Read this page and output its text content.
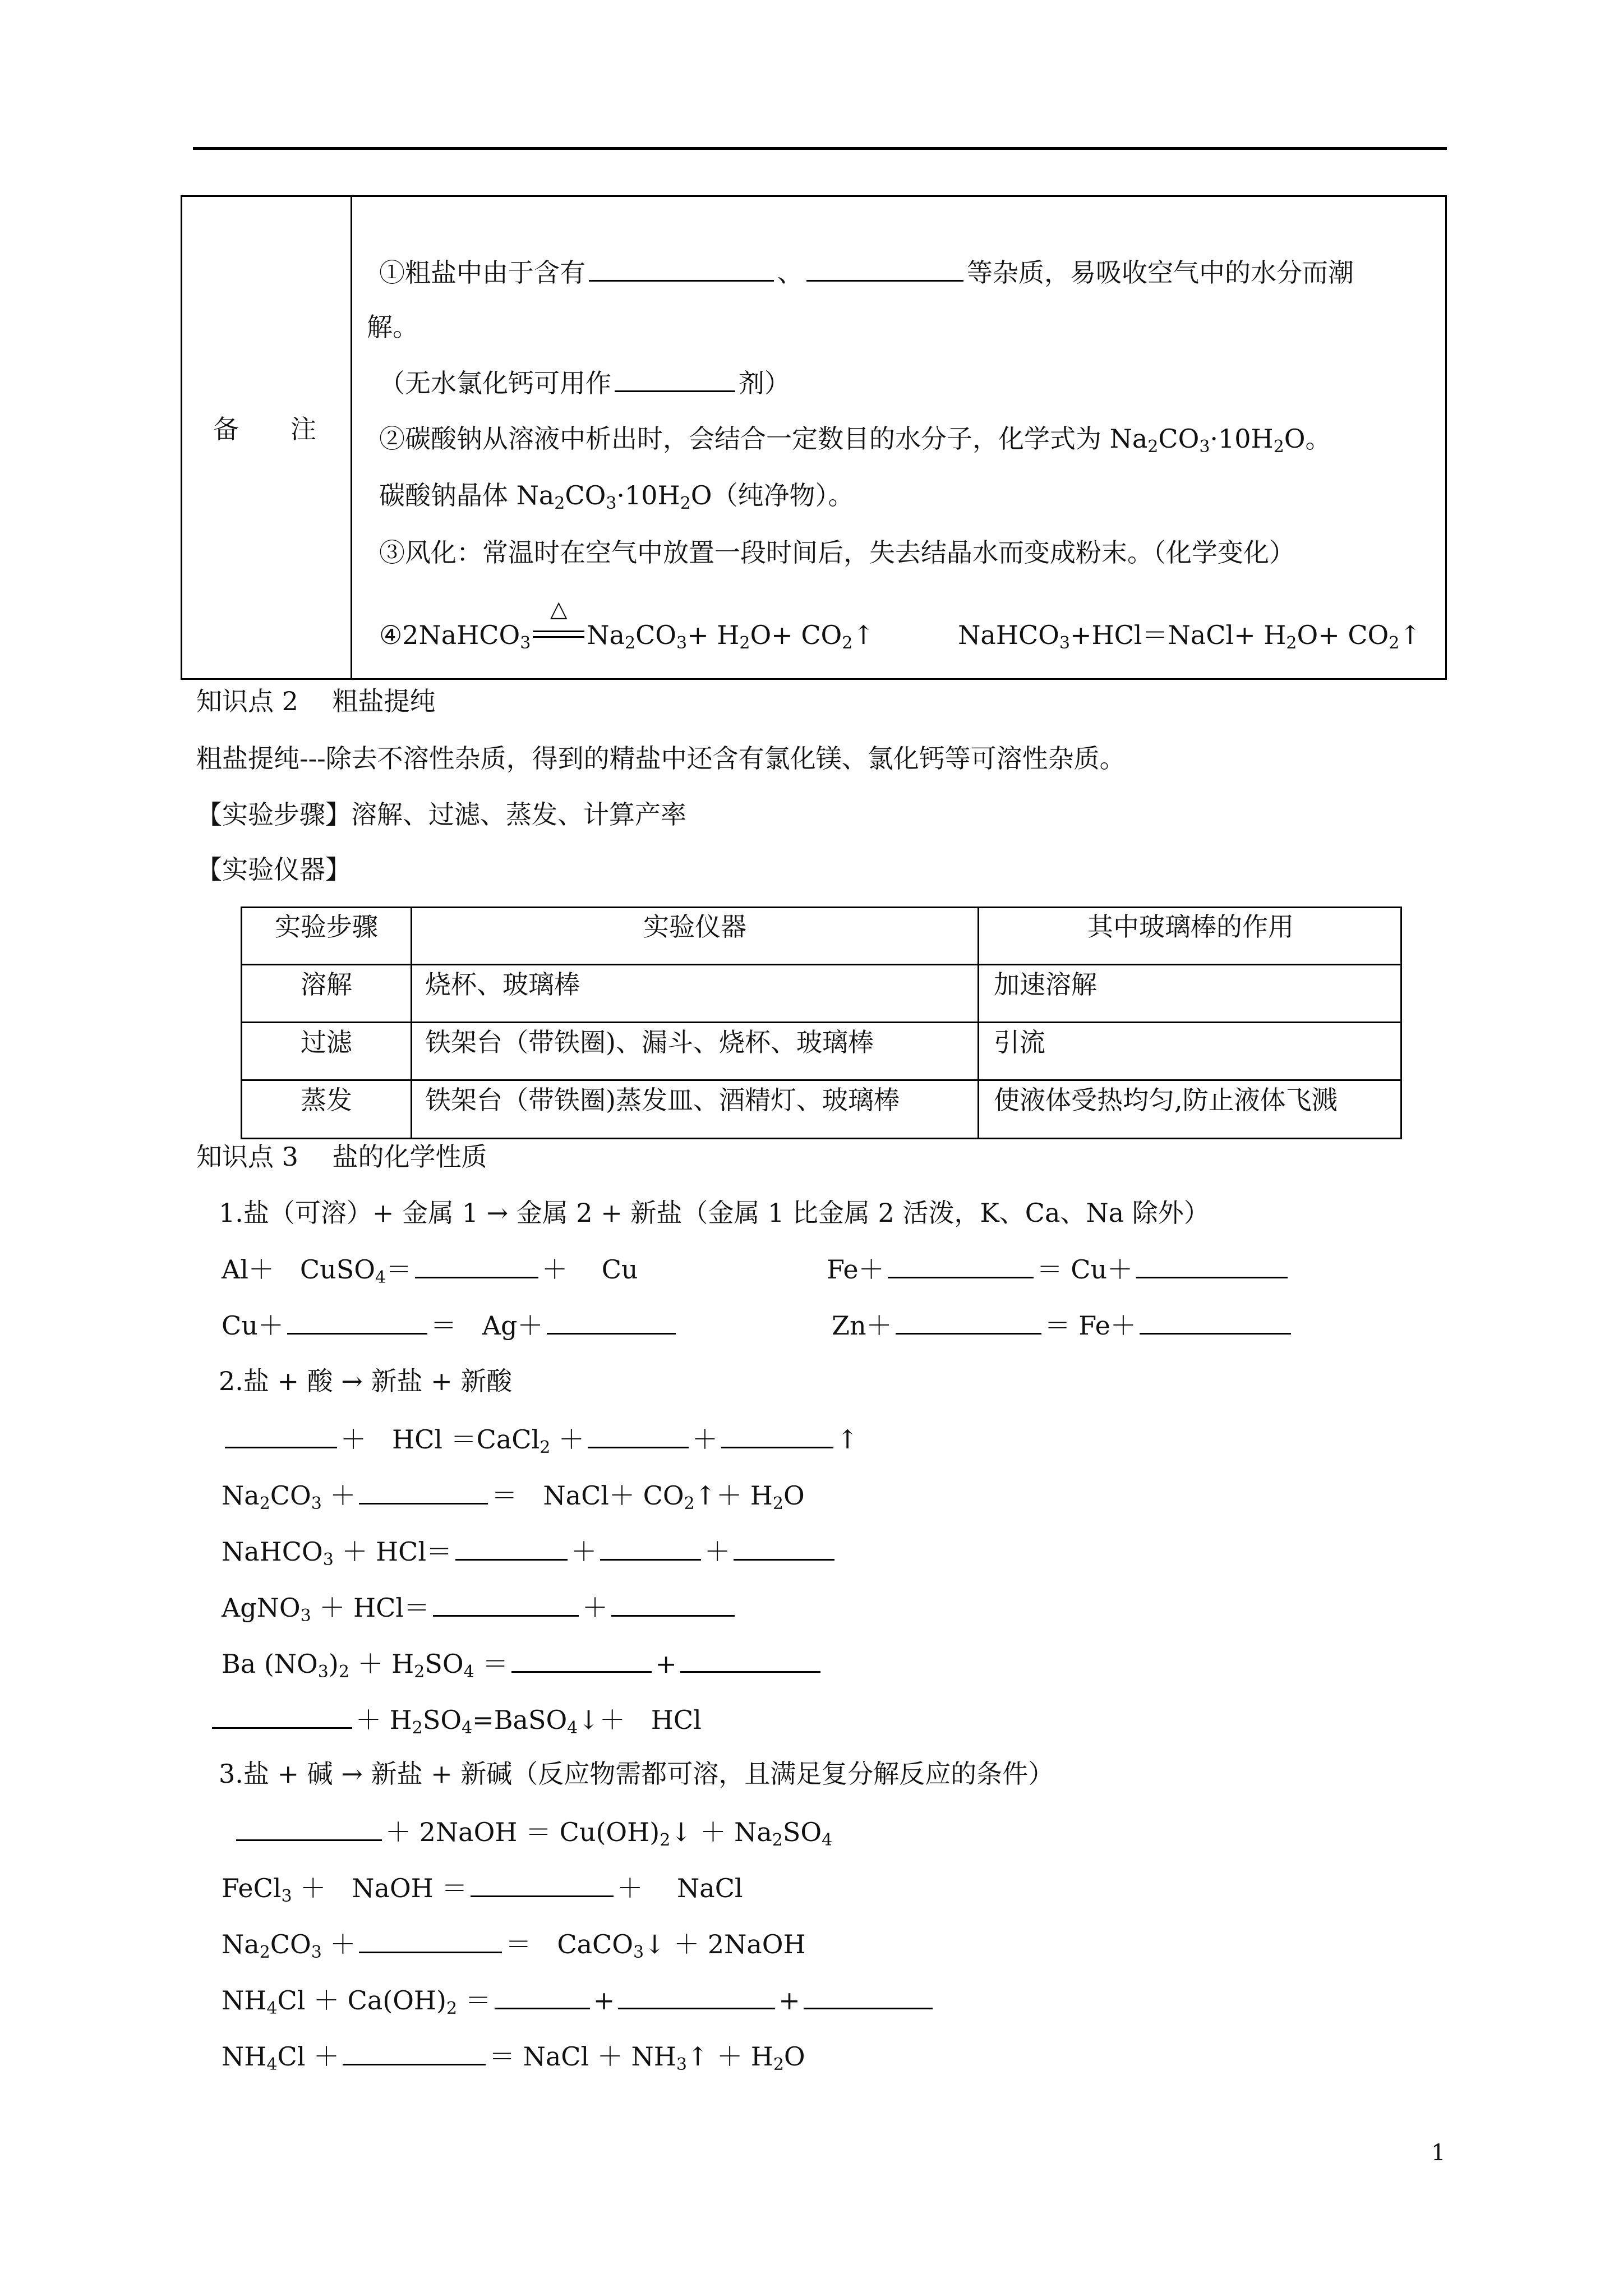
备　　注
①粗盐中由于含有	、	等杂质，易吸收空气中的水分而潮
解。
（无水氯化钙可用作	剂）
②碳酸钠从溶液中析出时，会结合一定数目的水分子，化学式为 $Na_2CO_3\cdot 10H_2O$。
碳酸钠晶体 $Na_2CO_3\cdot 10H_2O$（纯净物）。
③风化：常温时在空气中放置一段时间后，失去结晶水而变成粉末。（化学变化）
④2NaHCO$_3$
△
$Na_2CO_3+ H_2O+$ $CO_2↑$	NaHCO$_3$+HCl＝NaCl+ $H_2O+$ $CO_2↑$
知识点 2　 粗盐提纯
粗盐提纯---除去不溶性杂质，得到的精盐中还含有氯化镁、氯化钙等可溶性杂质。
【实验步骤】溶解、过滤、蒸发、计算产率
【实验仪器】
实验步骤	实验仪器	其中玻璃棒的作用
溶解	烧杯、玻璃棒	加速溶解
过滤	铁架台（带铁圈)、漏斗、烧杯、玻璃棒	引流
蒸发	铁架台（带铁圈)蒸发皿、酒精灯、玻璃棒	使液体受热均匀,防止液体飞溅
知识点 3　 盐的化学性质
1.盐（可溶）+ 金属 1 → 金属 2 + 新盐（金属 1 比金属 2 活泼，K、Ca、Na 除外）
Al＋　CuSO$_4$＝	＋　 Cu	Fe＋	＝ Cu＋
Cu＋	＝　Ag＋	Zn＋	＝ Fe＋
2.盐 + 酸 → 新盐 + 新酸
＋　HCl ＝CaCl$_2$ ＋	＋	↑
$Na_2CO_3$ ＋	＝　NaCl＋ $CO_2↑+ H_2O$
NaHCO$_3$ ＋ HCl＝	＋	＋
AgNO$_3$ ＋ HCl＝	＋
Ba $(NO_3)_2 + H_2SO_4$ ＝	+
＋ $H_2SO_4=BaSO_4↓+$　HCl
3.盐 + 碱 → 新盐 + 新碱（反应物需都可溶，且满足复分解反应的条件）
＋ 2NaOH ＝ $Cu(OH)_2↓ + Na_2SO_4$
FeCl$_3$ ＋　NaOH ＝	＋　 NaCl
$Na_2CO_3$ ＋	＝　CaCO$_3$↓ ＋ 2NaOH
$NH_4Cl + Ca(OH)_2$ ＝	+	+
$NH_4Cl$ ＋	＝ NaCl ＋ $NH_3↑ + H_2O$
1
